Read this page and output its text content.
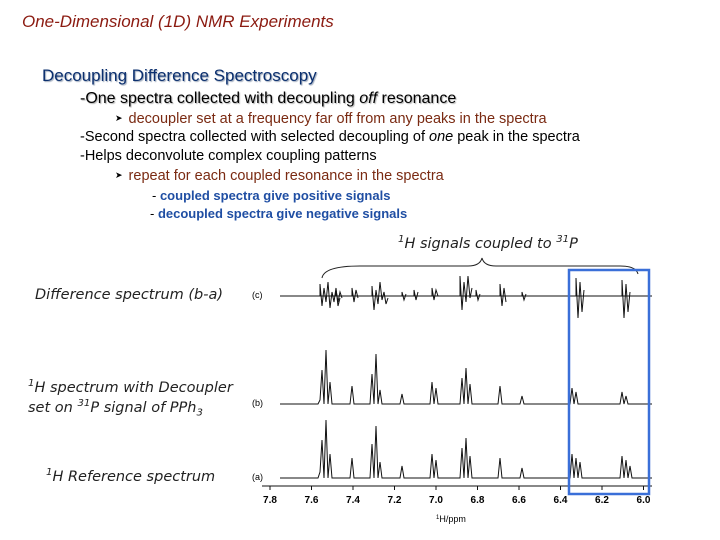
One-Dimensional (1D) NMR Experiments
Decoupling Difference Spectroscopy
-One spectra collected with decoupling off resonance
➤ decoupler set at a frequency far off from any peaks in the spectra
-Second spectra collected with selected decoupling of one peak in the spectra
-Helps deconvolute complex coupling patterns
➤ repeat for each coupled resonance in the spectra
- coupled spectra give positive signals
- decoupled spectra give negative signals
$^1$H signals coupled to $^{31}$P
Difference spectrum (b-a)
$^1$H spectrum with Decoupler
set on $^{31}$P signal of PPh$_3$
$^1$H Reference spectrum
(c)
(b)
(a)
7.8	7.6	7.4	7.2	7.0	6.8	6.6	6.4	6.2	6.0
$^1$H/ppm
